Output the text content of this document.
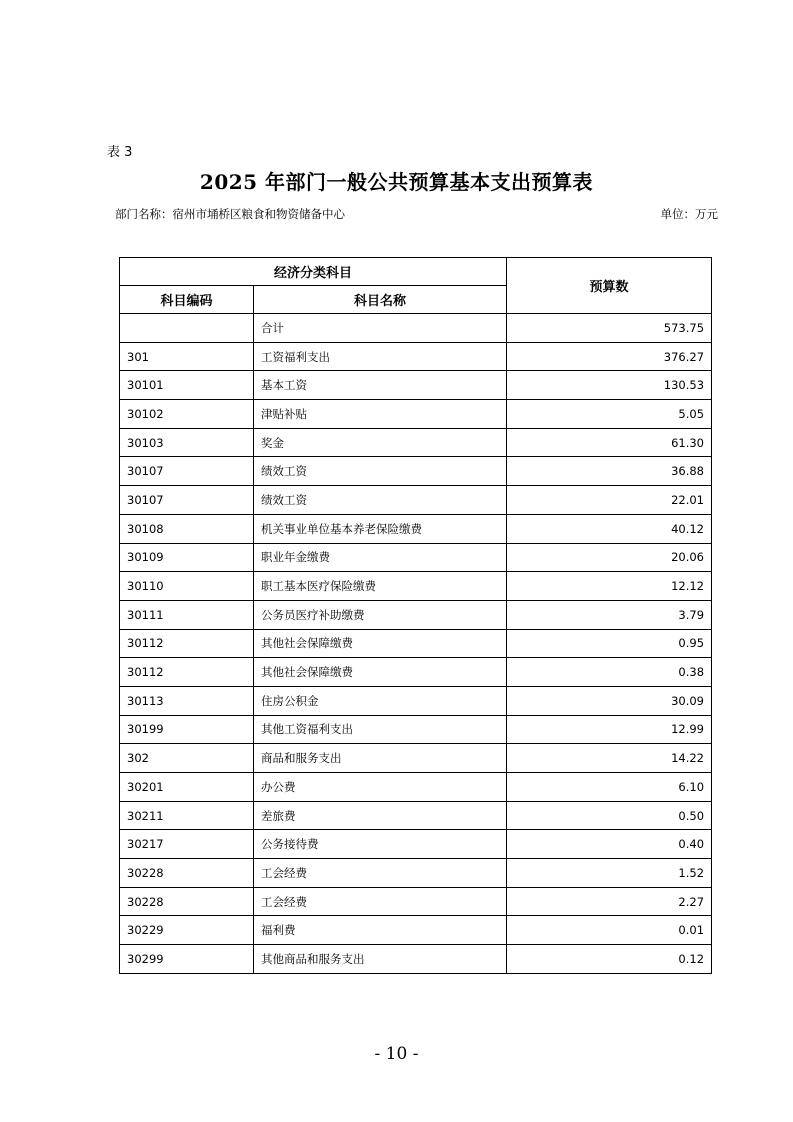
表 3
2025 年部门一般公共预算基本支出预算表
部门名称：宿州市埇桥区粮食和物资储备中心	单位：万元
经济分类科目		预算数
科目编码	科目名称	
	合计	573.75
301	工资福利支出	376.27
30101	基本工资	130.53
30102	津贴补贴	5.05
30103	奖金	61.30
30107	绩效工资	36.88
30107	绩效工资	22.01
30108	机关事业单位基本养老保险缴费	40.12
30109	职业年金缴费	20.06
30110	职工基本医疗保险缴费	12.12
30111	公务员医疗补助缴费	3.79
30112	其他社会保障缴费	0.95
30112	其他社会保障缴费	0.38
30113	住房公积金	30.09
30199	其他工资福利支出	12.99
302	商品和服务支出	14.22
30201	办公费	6.10
30211	差旅费	0.50
30217	公务接待费	0.40
30228	工会经费	1.52
30228	工会经费	2.27
30229	福利费	0.01
30299	其他商品和服务支出	0.12
- 10 -
